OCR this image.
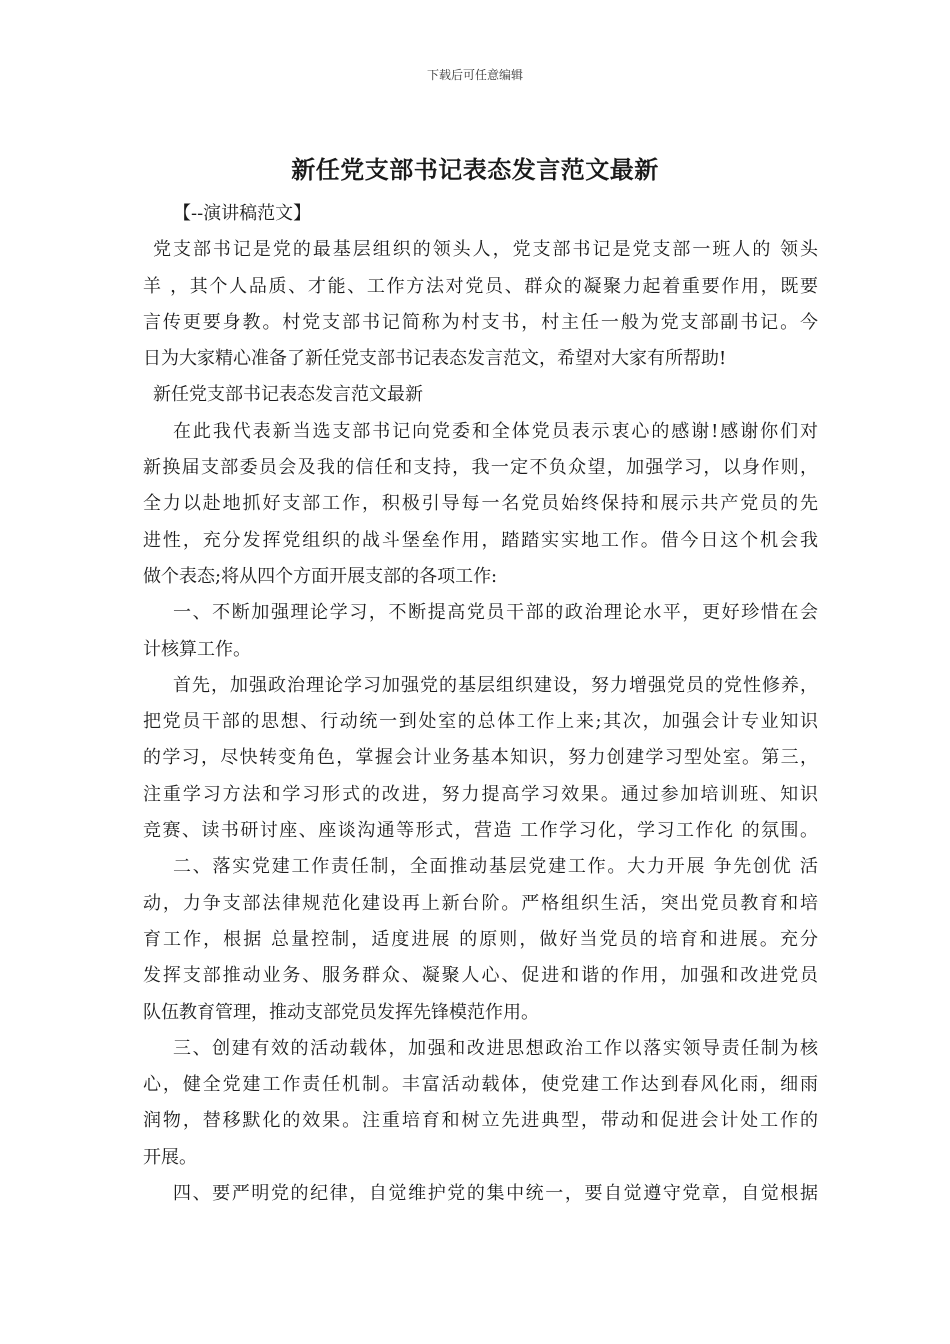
下载后可任意编辑
新任党支部书记表态发言范文最新
【--演讲稿范文】
党支部书记是党的最基层组织的领头人，党支部书记是党支部一班人的 领头
羊 ，其个人品质、才能、工作方法对党员、群众的凝聚力起着重要作用，既要
言传更要身教。村党支部书记简称为村支书，村主任一般为党支部副书记。今
日为大家精心准备了新任党支部书记表态发言范文，希望对大家有所帮助!
新任党支部书记表态发言范文最新
在此我代表新当选支部书记向党委和全体党员表示衷心的感谢!感谢你们对
新换届支部委员会及我的信任和支持，我一定不负众望，加强学习，以身作则，
全力以赴地抓好支部工作，积极引导每一名党员始终保持和展示共产党员的先
进性，充分发挥党组织的战斗堡垒作用，踏踏实实地工作。借今日这个机会我
做个表态;将从四个方面开展支部的各项工作:
一、不断加强理论学习，不断提高党员干部的政治理论水平，更好珍惜在会
计核算工作。
首先，加强政治理论学习加强党的基层组织建设，努力增强党员的党性修养，
把党员干部的思想、行动统一到处室的总体工作上来;其次，加强会计专业知识
的学习，尽快转变角色，掌握会计业务基本知识，努力创建学习型处室。第三，
注重学习方法和学习形式的改进，努力提高学习效果。通过参加培训班、知识
竞赛、读书研讨座、座谈沟通等形式，营造 工作学习化，学习工作化 的氛围。
二、落实党建工作责任制，全面推动基层党建工作。大力开展 争先创优 活
动，力争支部法律规范化建设再上新台阶。严格组织生活，突出党员教育和培
育工作，根据 总量控制，适度进展 的原则，做好当党员的培育和进展。充分
发挥支部推动业务、服务群众、凝聚人心、促进和谐的作用，加强和改进党员
队伍教育管理，推动支部党员发挥先锋模范作用。
三、创建有效的活动载体，加强和改进思想政治工作以落实领导责任制为核
心，健全党建工作责任机制。丰富活动载体，使党建工作达到春风化雨，细雨
润物，替移默化的效果。注重培育和树立先进典型，带动和促进会计处工作的
开展。
四、要严明党的纪律，自觉维护党的集中统一，要自觉遵守党章，自觉根据
